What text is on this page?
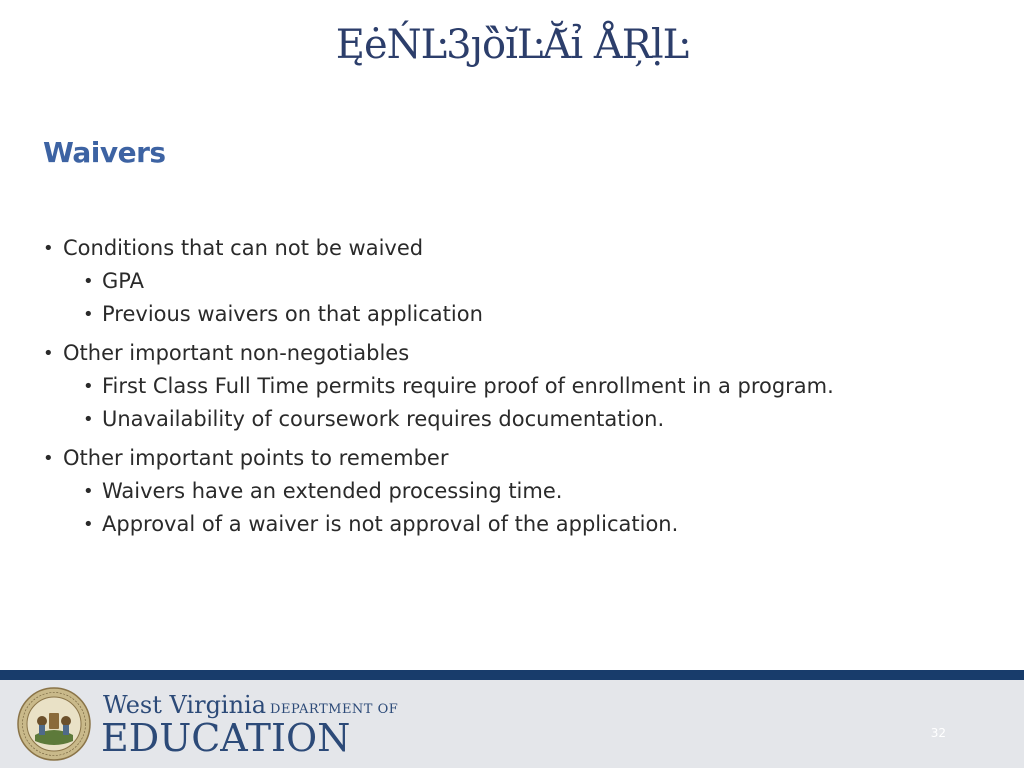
ĘėŃĿ3ȷȍ̀ĭĿĂ̆ỉ ÅŖḷĿ
Waivers
• Conditions that can not be waived
• GPA
• Previous waivers on that application
• Other important non-negotiables
• First Class Full Time permits require proof of enrollment in a program.
• Unavailability of coursework requires documentation.
• Other important points to remember
• Waivers have an extended processing time.
• Approval of a waiver is not approval of the application.
West Virginia DEPARTMENT OF
EDUCATION	32
